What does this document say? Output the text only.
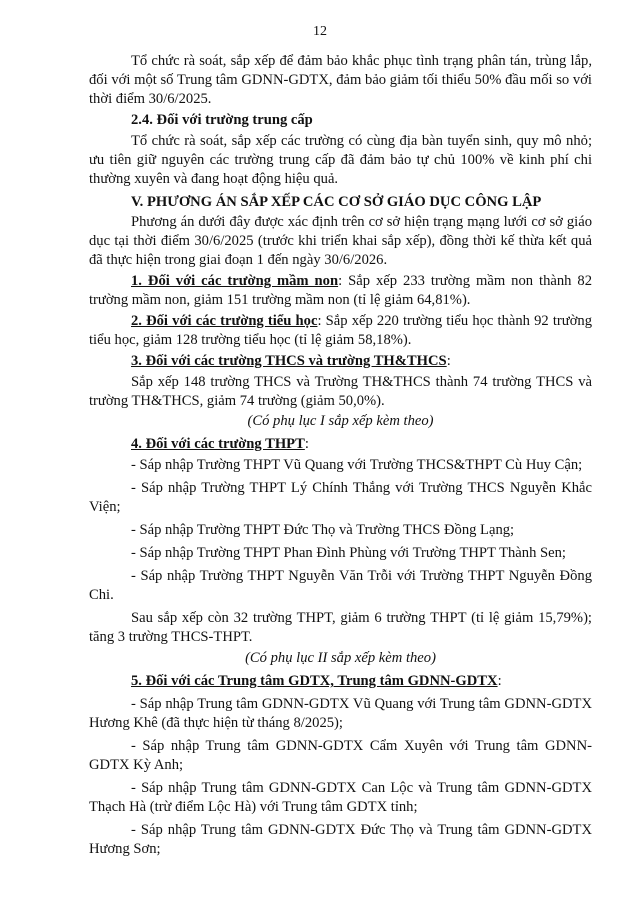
12

Tổ chức rà soát, sắp xếp để đảm bảo khắc phục tình trạng phân tán, trùng lắp, đối với một số Trung tâm GDNN-GDTX, đảm bảo giảm tối thiểu 50% đầu mối so với thời điểm 30/6/2025.

2.4. Đối với trường trung cấp

Tổ chức rà soát, sắp xếp các trường có cùng địa bàn tuyển sinh, quy mô nhỏ; ưu tiên giữ nguyên các trường trung cấp đã đảm bảo tự chủ 100% về kinh phí chi thường xuyên và đang hoạt động hiệu quả.

V. PHƯƠNG ÁN SẮP XẾP CÁC CƠ SỞ GIÁO DỤC CÔNG LẬP

Phương án dưới đây được xác định trên cơ sở hiện trạng mạng lưới cơ sở giáo dục tại thời điểm 30/6/2025 (trước khi triển khai sắp xếp), đồng thời kế thừa kết quả đã thực hiện trong giai đoạn 1 đến ngày 30/6/2026.

1. Đối với các trường mầm non: Sắp xếp 233 trường mầm non thành 82 trường mầm non, giảm 151 trường mầm non (tỉ lệ giảm 64,81%).

2. Đối với các trường tiểu học: Sắp xếp 220 trường tiểu học thành 92 trường tiểu học, giảm 128 trường tiểu học (tỉ lệ giảm 58,18%).

3. Đối với các trường THCS và trường TH&THCS:

Sắp xếp 148 trường THCS và Trường TH&THCS thành 74 trường THCS và trường TH&THCS, giảm 74 trường (giảm 50,0%).

(Có phụ lục I sắp xếp kèm theo)

4. Đối với các trường THPT:

- Sáp nhập Trường THPT Vũ Quang với Trường THCS&THPT Cù Huy Cận;

- Sáp nhập Trường THPT Lý Chính Thắng với Trường THCS Nguyễn Khắc Viện;

- Sáp nhập Trường THPT Đức Thọ và Trường THCS Đồng Lạng;

- Sáp nhập Trường THPT Phan Đình Phùng với Trường THPT Thành Sen;

- Sáp nhập Trường THPT Nguyễn Văn Trỗi với Trường THPT Nguyễn Đồng Chi.

Sau sắp xếp còn 32 trường THPT, giảm 6 trường THPT (tỉ lệ giảm 15,79%); tăng 3 trường THCS-THPT.

(Có phụ lục II sắp xếp kèm theo)

5. Đối với các Trung tâm GDTX, Trung tâm GDNN-GDTX:

- Sáp nhập Trung tâm GDNN-GDTX Vũ Quang với Trung tâm GDNN-GDTX Hương Khê (đã thực hiện từ tháng 8/2025);

- Sáp nhập Trung tâm GDNN-GDTX Cẩm Xuyên với Trung tâm GDNN-GDTX Kỳ Anh;

- Sáp nhập Trung tâm GDNN-GDTX Can Lộc và Trung tâm GDNN-GDTX Thạch Hà (trừ điểm Lộc Hà) với Trung tâm GDTX tỉnh;

- Sáp nhập Trung tâm GDNN-GDTX Đức Thọ và Trung tâm GDNN-GDTX Hương Sơn;
